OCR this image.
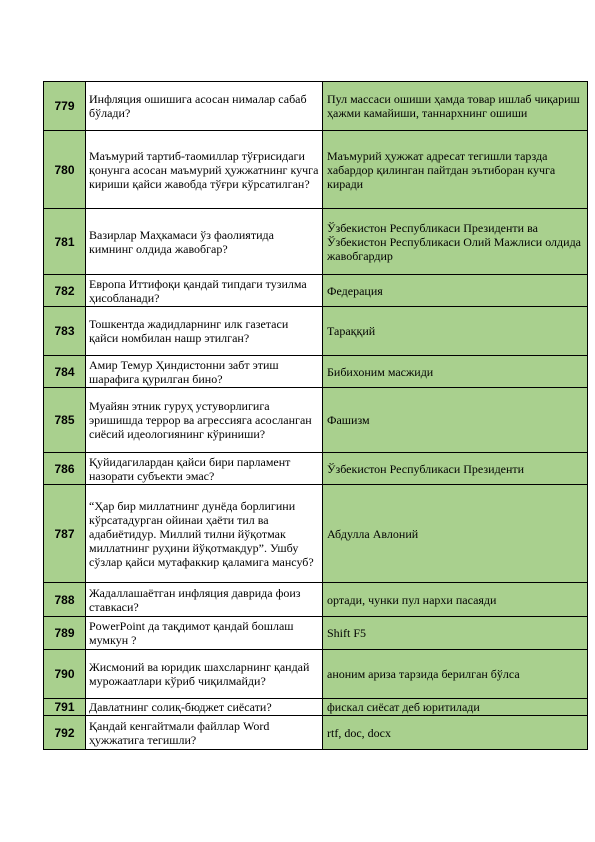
779	Инфляция ошишига асосан нималар сабаб бўлади?	Пул массаси ошиши ҳамда товар ишлаб чиқариш ҳажми камайиши, таннархнинг ошиши
780	Маъмурий тартиб-таомиллар тўғрисидаги қонунга асосан маъмурий ҳужжатнинг кучга кириши қайси жавобда тўғри кўрсатилган?	Маъмурий ҳужжат адресат тегишли тарзда хабардор қилинган пайтдан эътиборан кучга киради
781	Вазирлар Маҳкамаси ўз фаолиятида кимнинг олдида жавобгар?	Ўзбекистон Республикаси Президенти ва Ўзбекистон Республикаси Олий Мажлиси олдида жавобгардир
782	Европа Иттифоқи қандай типдаги тузилма ҳисобланади?	Федерация
783	Тошкентда жадидларнинг илк газетаси қайси номбилан нашр этилган?	Тараққий
784	Амир Темур Ҳиндистонни забт этиш шарафига қурилган бино?	Бибихоним масжиди
785	Муайян этник гуруҳ устуворлигига эришишда террор ва агрессияга асосланган сиёсий идеологиянинг кўриниши?	Фашизм
786	Қуйидагилардан қайси бири парламент назорати субъекти эмас?	Ўзбекистон Республикаси Президенти
787	“Ҳар бир миллатнинг дунёда борлигини кўрсатадурган ойинаи ҳаёти тил ва адабиётидур. Миллий тилни йўқотмак миллатнинг руҳини йўқотмакдур”. Ушбу сўзлар қайси мутафаккир қаламига мансуб?	Абдулла Авлоний
788	Жадаллашаётган инфляция даврида фоиз ставкаси?	ортади, чунки пул нархи пасаяди
789	PowerPoint да тақдимот қандай бошлаш мумкун ?	Shift F5
790	Жисмоний ва юридик шахсларнинг қандай мурожаатлари кўриб чиқилмайди?	аноним ариза тарзида берилган бўлса
791	Давлатнинг солиқ-бюджет сиёсати?	фискал сиёсат деб юритилади
792	Қандай кенгайтмали файллар Word ҳужжатига тегишли?	rtf, doc, docx
